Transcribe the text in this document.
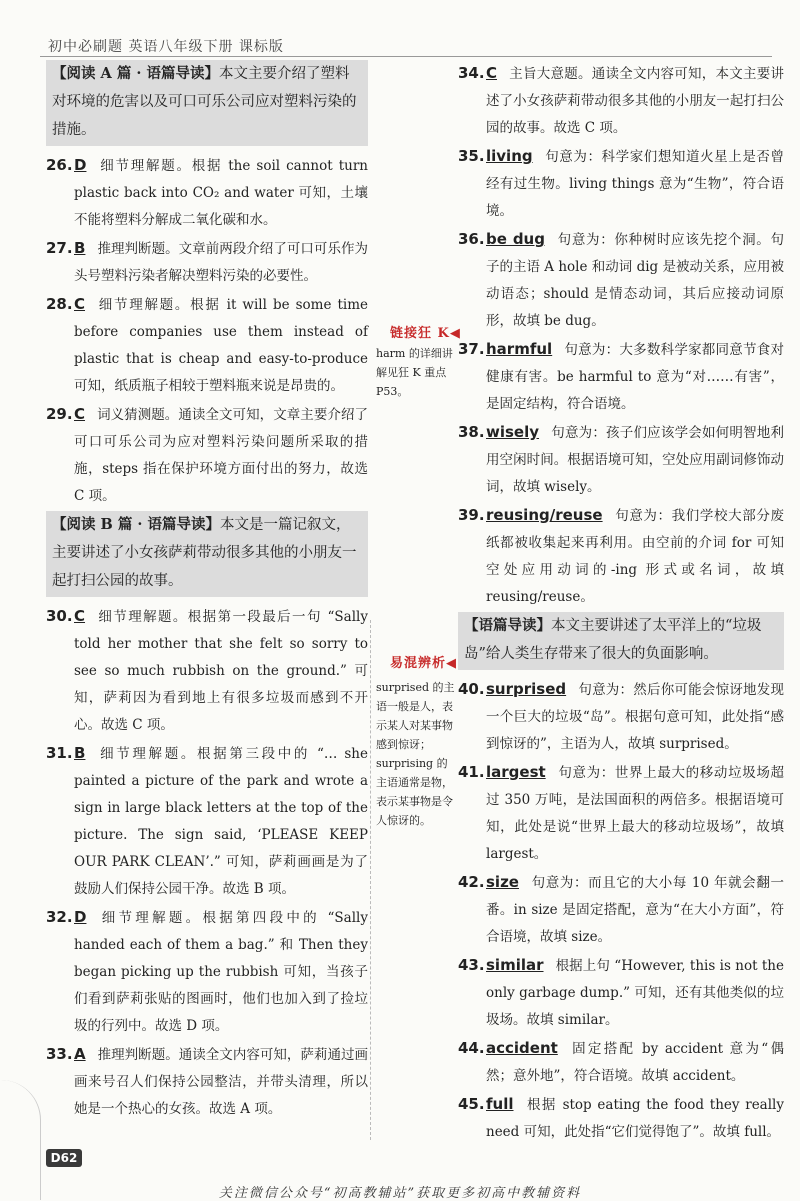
初中必刷题 英语八年级下册 课标版
【阅读 A 篇 · 语篇导读】本文主要介绍了塑料对环境的危害以及可口可乐公司应对塑料污染的措施。
26. D 细节理解题。根据 the soil cannot turn plastic back into CO₂ and water 可知，土壤不能将塑料分解成二氧化碳和水。
27. B 推理判断题。文章前两段介绍了可口可乐作为头号塑料污染者解决塑料污染的必要性。
28. C 细节理解题。根据 it will be some time before companies use them instead of plastic that is cheap and easy-to-produce 可知，纸质瓶子相较于塑料瓶来说是昂贵的。
29. C 词义猜测题。通读全文可知，文章主要介绍了可口可乐公司为应对塑料污染问题所采取的措施，steps 指在保护环境方面付出的努力，故选 C 项。
【阅读 B 篇 · 语篇导读】本文是一篇记叙文，主要讲述了小女孩萨莉带动很多其他的小朋友一起打扫公园的故事。
30. C 细节理解题。根据第一段最后一句 “Sally told her mother that she felt so sorry to see so much rubbish on the ground.” 可知，萨莉因为看到地上有很多垃圾而感到不开心。故选 C 项。
31. B 细节理解题。根据第三段中的 “… she painted a picture of the park and wrote a sign in large black letters at the top of the picture. The sign said, ‘PLEASE KEEP OUR PARK CLEAN’.” 可知，萨莉画画是为了鼓励人们保持公园干净。故选 B 项。
32. D 细节理解题。根据第四段中的 “Sally handed each of them a bag.” 和 Then they began picking up the rubbish 可知，当孩子们看到萨莉张贴的图画时，他们也加入到了捡垃圾的行列中。故选 D 项。
33. A 推理判断题。通读全文内容可知，萨莉通过画画来号召人们保持公园整洁，并带头清理，所以她是一个热心的女孩。故选 A 项。
链接狂 K◀
harm 的详细讲解见狂 K 重点 P53。
易混辨析◀
surprised 的主语一般是人，表示某人对某事物感到惊讶；surprising 的主语通常是物，表示某事物是令人惊讶的。
34. C 主旨大意题。通读全文内容可知，本文主要讲述了小女孩萨莉带动很多其他的小朋友一起打扫公园的故事。故选 C 项。
35. living 句意为：科学家们想知道火星上是否曾经有过生物。living things 意为“生物”，符合语境。
36. be dug 句意为：你种树时应该先挖个洞。句子的主语 A hole 和动词 dig 是被动关系，应用被动语态；should 是情态动词，其后应接动词原形，故填 be dug。
37. harmful 句意为：大多数科学家都同意节食对健康有害。be harmful to 意为“对……有害”，是固定结构，符合语境。
38. wisely 句意为：孩子们应该学会如何明智地利用空闲时间。根据语境可知，空处应用副词修饰动词，故填 wisely。
39. reusing/reuse 句意为：我们学校大部分废纸都被收集起来再利用。由空前的介词 for 可知空处应用动词的-ing 形式或名词，故填 reusing/reuse。
【语篇导读】本文主要讲述了太平洋上的“垃圾岛”给人类生存带来了很大的负面影响。
40. surprised 句意为：然后你可能会惊讶地发现一个巨大的垃圾“岛”。根据句意可知，此处指“感到惊讶的”，主语为人，故填 surprised。
41. largest 句意为：世界上最大的移动垃圾场超过 350 万吨，是法国面积的两倍多。根据语境可知，此处是说“世界上最大的移动垃圾场”，故填 largest。
42. size 句意为：而且它的大小每 10 年就会翻一番。in size 是固定搭配，意为“在大小方面”，符合语境，故填 size。
43. similar 根据上句 “However, this is not the only garbage dump.” 可知，还有其他类似的垃圾场。故填 similar。
44. accident 固定搭配 by accident 意为“偶然；意外地”，符合语境。故填 accident。
45. full 根据 stop eating the food they really need 可知，此处指“它们觉得饱了”。故填 full。
D62
关注微信公众号“初高教辅站”获取更多初高中教辅资料
